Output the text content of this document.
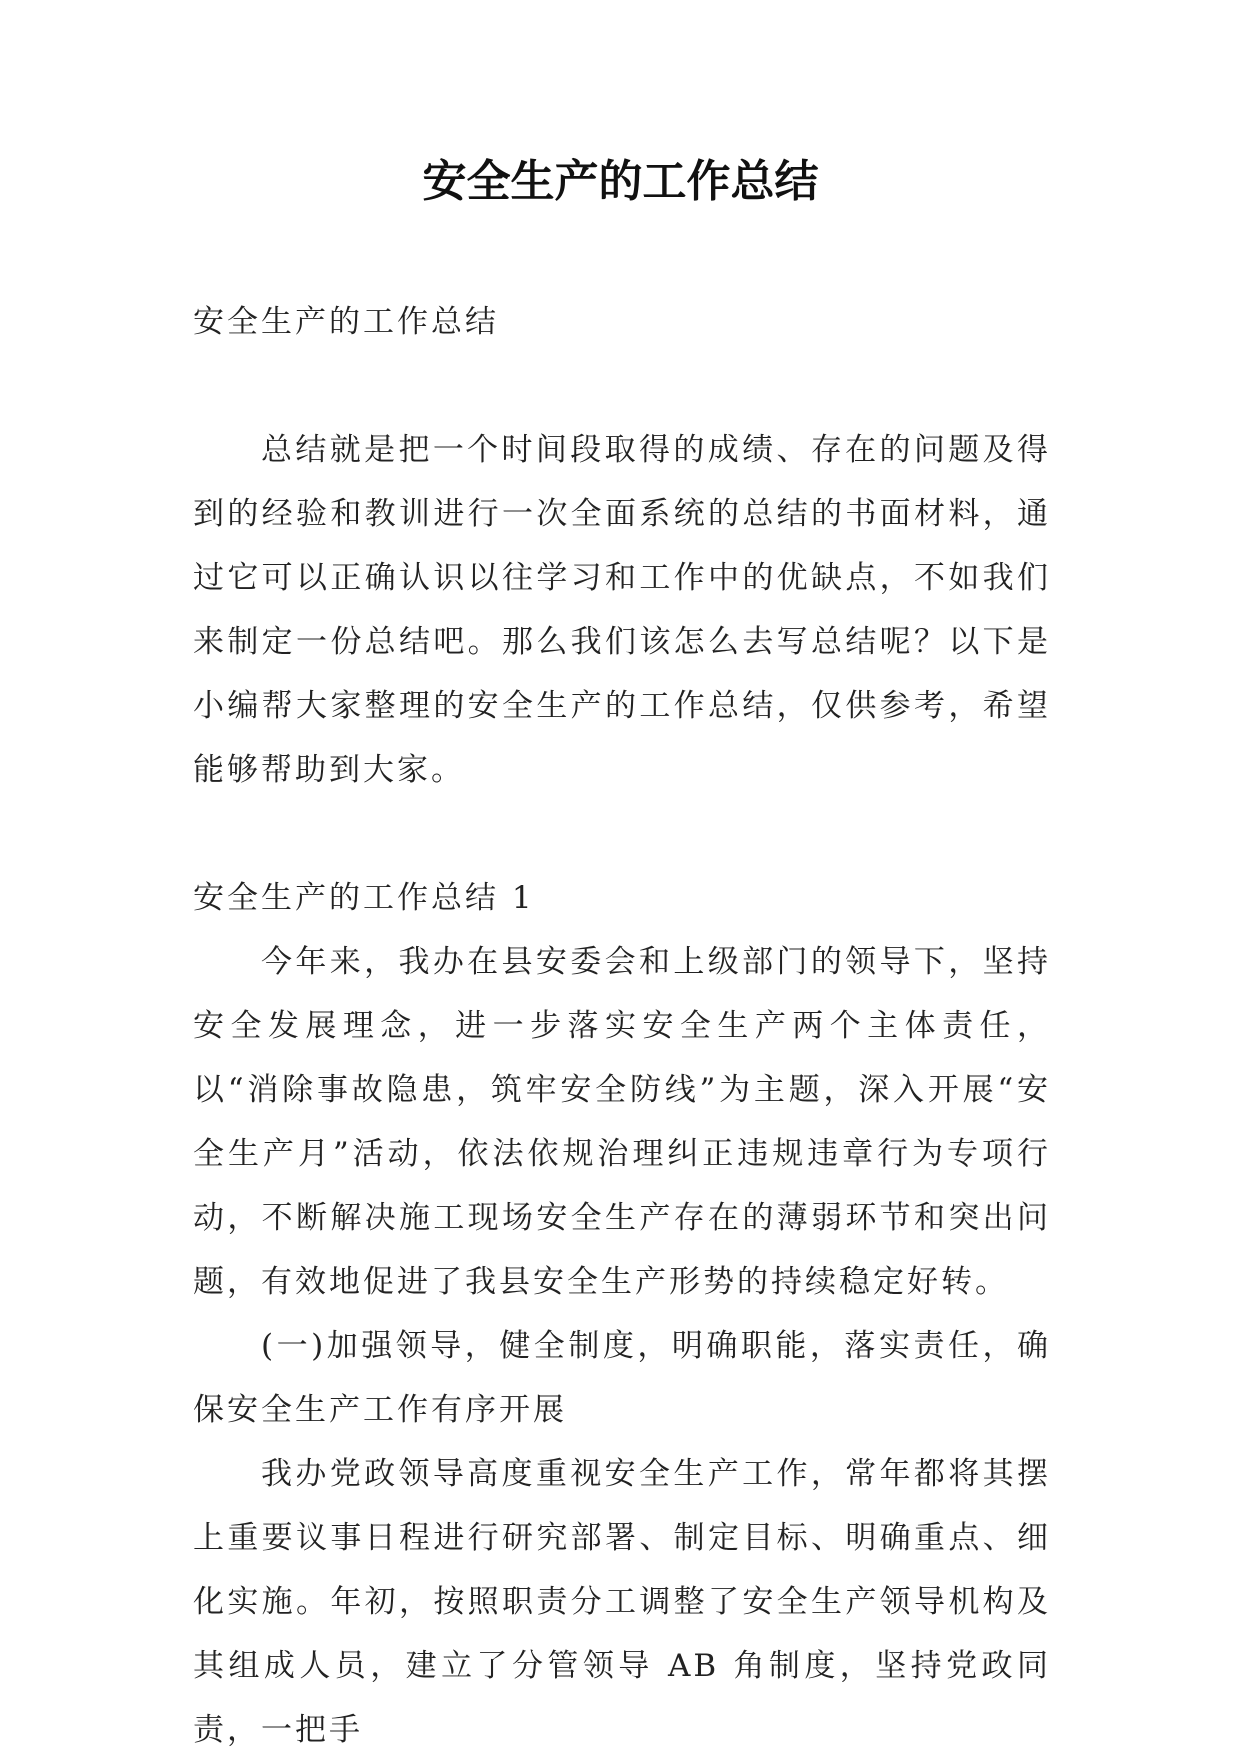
安全生产的工作总结

安全生产的工作总结

总结就是把一个时间段取得的成绩、存在的问题及得到的经验和教训进行一次全面系统的总结的书面材料，通过它可以正确认识以往学习和工作中的优缺点，不如我们来制定一份总结吧。那么我们该怎么去写总结呢？以下是小编帮大家整理的安全生产的工作总结，仅供参考，希望能够帮助到大家。

安全生产的工作总结 1

今年来，我办在县安委会和上级部门的领导下，坚持安全发展理念，进一步落实安全生产两个主体责任，以“消除事故隐患，筑牢安全防线”为主题，深入开展“安全生产月”活动，依法依规治理纠正违规违章行为专项行动，不断解决施工现场安全生产存在的薄弱环节和突出问题，有效地促进了我县安全生产形势的持续稳定好转。

(一)加强领导，健全制度，明确职能，落实责任，确保安全生产工作有序开展

我办党政领导高度重视安全生产工作，常年都将其摆上重要议事日程进行研究部署、制定目标、明确重点、细化实施。年初，按照职责分工调整了安全生产领导机构及其组成人员，建立了分管领导 AB 角制度，坚持党政同责，一把手
